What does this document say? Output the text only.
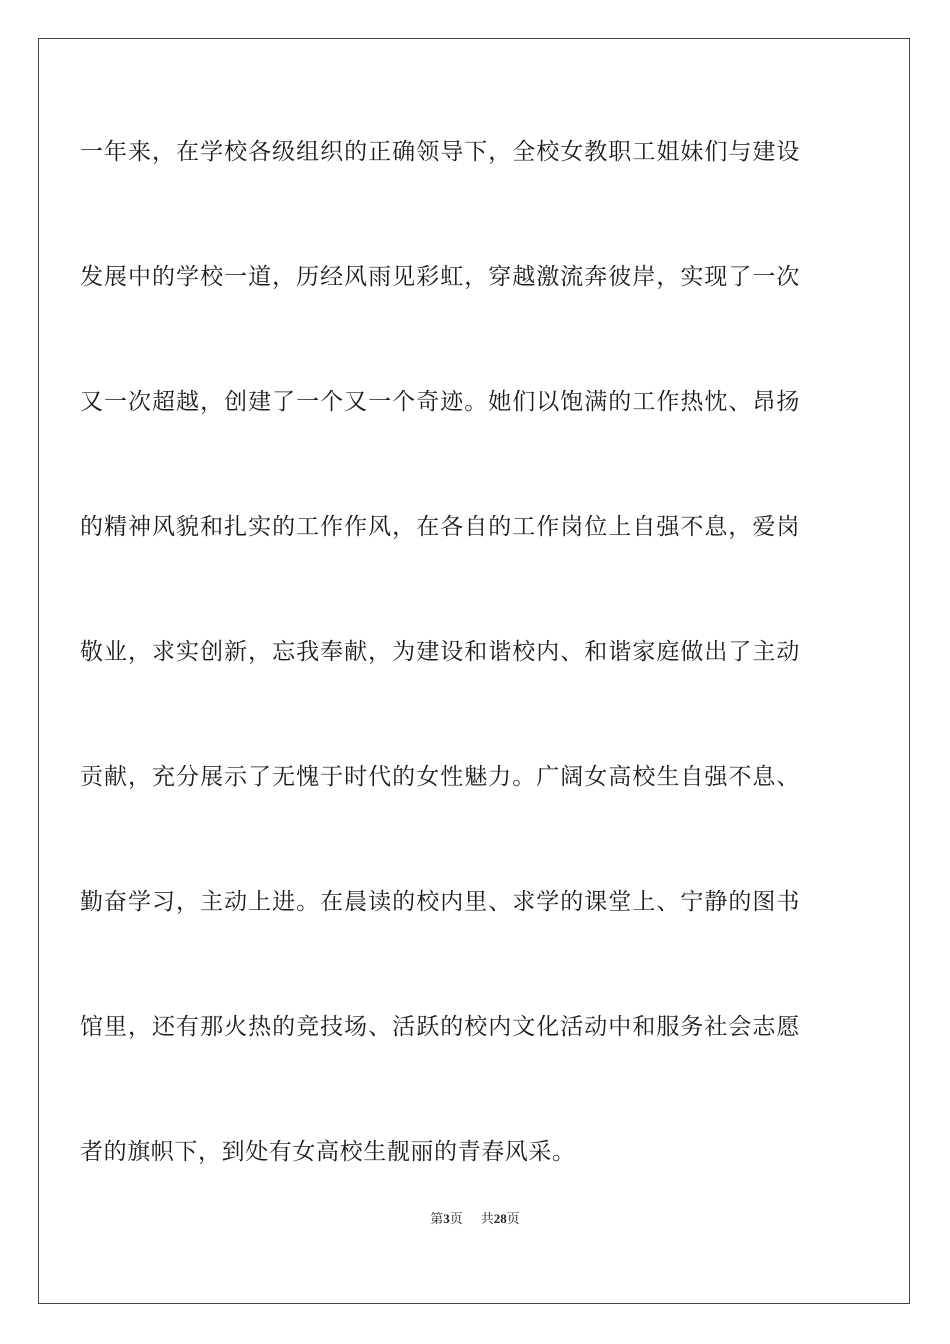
一年来，在学校各级组织的正确领导下，全校女教职工姐妹们与建设
发展中的学校一道，历经风雨见彩虹，穿越激流奔彼岸，实现了一次
又一次超越，创建了一个又一个奇迹。她们以饱满的工作热忱、昂扬
的精神风貌和扎实的工作作风，在各自的工作岗位上自强不息，爱岗
敬业，求实创新，忘我奉献，为建设和谐校内、和谐家庭做出了主动
贡献，充分展示了无愧于时代的女性魅力。广阔女高校生自强不息、
勤奋学习，主动上进。在晨读的校内里、求学的课堂上、宁静的图书
馆里，还有那火热的竞技场、活跃的校内文化活动中和服务社会志愿
者的旗帜下，到处有女高校生靓丽的青春风采。
第3页 共28页
